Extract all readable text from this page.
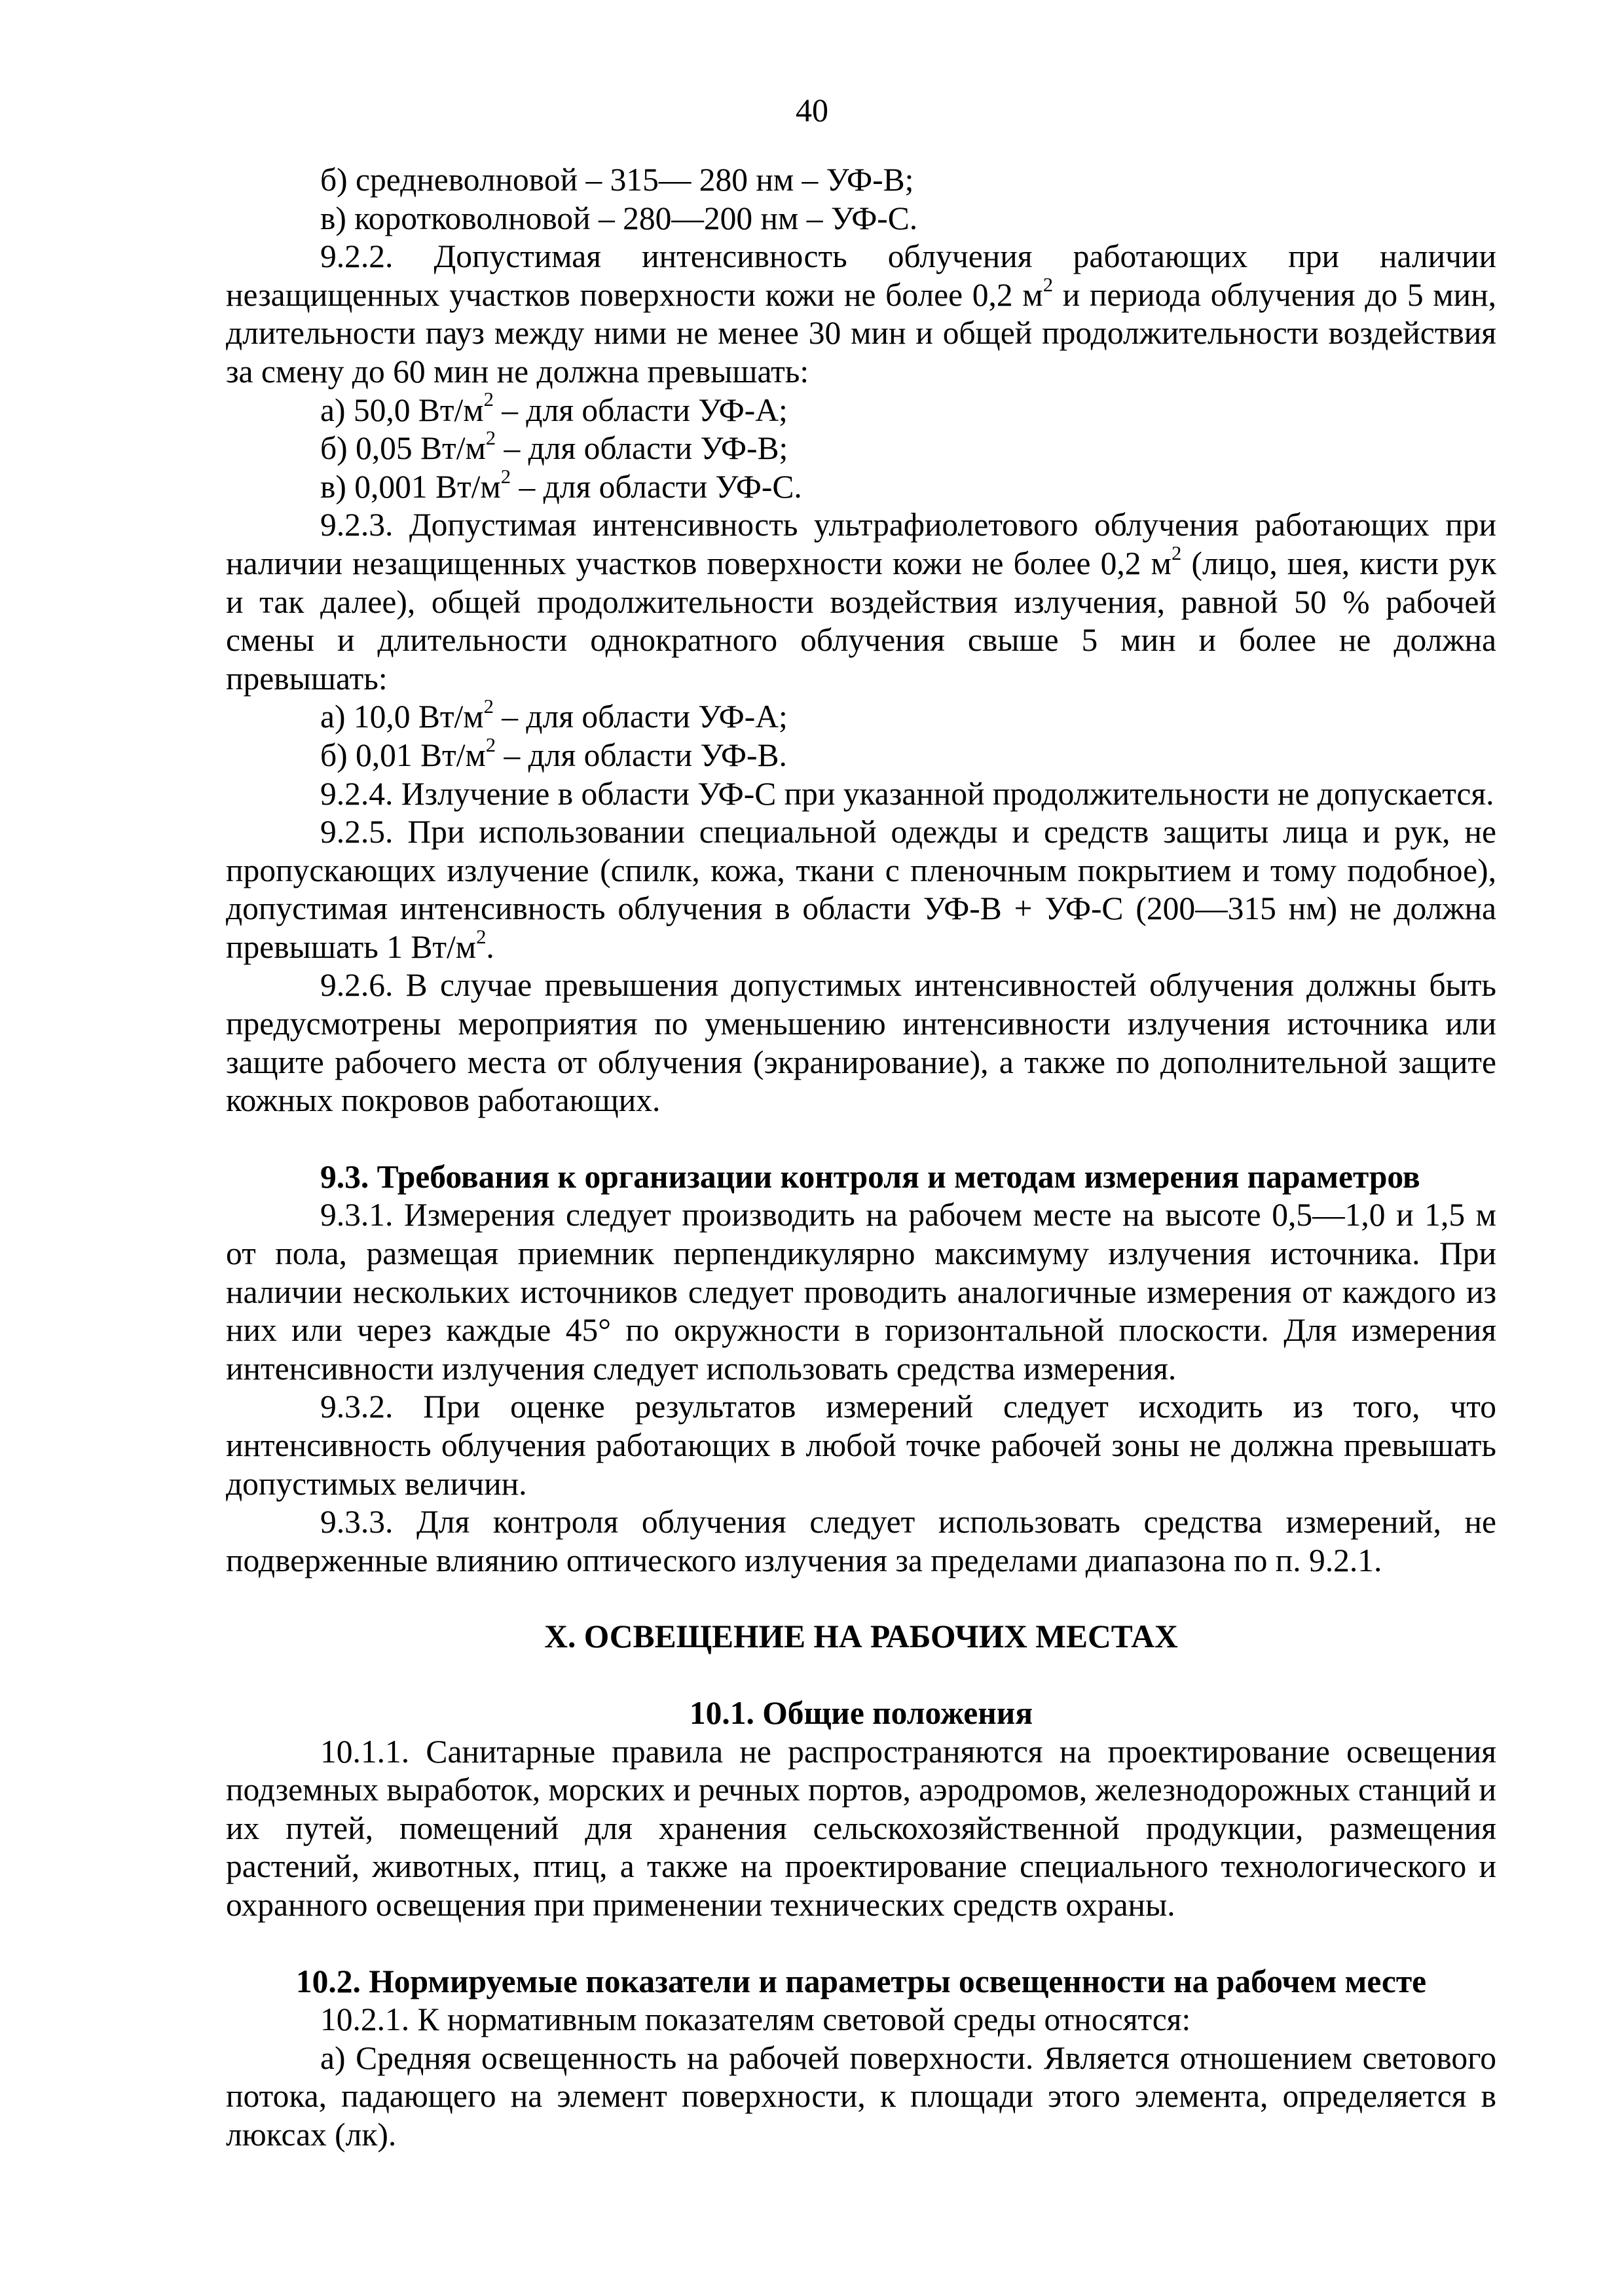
40

б) средневолновой – 315— 280 нм – УФ-В;

в) коротковолновой – 280—200 нм – УФ-С.

9.2.2. Допустимая интенсивность облучения работающих при наличии незащищенных участков поверхности кожи не более 0,2 $м^2$ и периода облучения до 5 мин, длительности пауз между ними не менее 30 мин и общей продолжительности воздействия за смену до 60 мин не должна превышать:

а) 50,0 $Вт/м^2$ – для области УФ-А;

б) 0,05 $Вт/м^2$ – для области УФ-В;

в) 0,001 $Вт/м^2$ – для области УФ-С.

9.2.3. Допустимая интенсивность ультрафиолетового облучения работающих при наличии незащищенных участков поверхности кожи не более 0,2 $м^2$ (лицо, шея, кисти рук и так далее), общей продолжительности воздействия излучения, равной 50 % рабочей смены и длительности однократного облучения свыше 5 мин и более не должна превышать:

а) 10,0 $Вт/м^2$ – для области УФ-А;

б) 0,01 $Вт/м^2$ – для области УФ-В.

9.2.4. Излучение в области УФ-С при указанной продолжительности не допускается.

9.2.5. При использовании специальной одежды и средств защиты лица и рук, не пропускающих излучение (спилк, кожа, ткани с пленочным покрытием и тому подобное), допустимая интенсивность облучения в области УФ-В + УФ-С (200—315 нм) не должна превышать 1 $Вт/м^2$.

9.2.6. В случае превышения допустимых интенсивностей облучения должны быть предусмотрены мероприятия по уменьшению интенсивности излучения источника или защите рабочего места от облучения (экранирование), а также по дополнительной защите кожных покровов работающих.

9.3. Требования к организации контроля и методам измерения параметров

9.3.1. Измерения следует производить на рабочем месте на высоте 0,5—1,0 и 1,5 м от пола, размещая приемник перпендикулярно максимуму излучения источника. При наличии нескольких источников следует проводить аналогичные измерения от каждого из них или через каждые 45° по окружности в горизонтальной плоскости. Для измерения интенсивности излучения следует использовать средства измерения.

9.3.2. При оценке результатов измерений следует исходить из того, что интенсивность облучения работающих в любой точке рабочей зоны не должна превышать допустимых величин.

9.3.3. Для контроля облучения следует использовать средства измерений, не подверженные влиянию оптического излучения за пределами диапазона по п. 9.2.1.

X. ОСВЕЩЕНИЕ НА РАБОЧИХ МЕСТАХ

10.1. Общие положения

10.1.1. Санитарные правила не распространяются на проектирование освещения подземных выработок, морских и речных портов, аэродромов, железнодорожных станций и их путей, помещений для хранения сельскохозяйственной продукции, размещения растений, животных, птиц, а также на проектирование специального технологического и охранного освещения при применении технических средств охраны.

10.2. Нормируемые показатели и параметры освещенности на рабочем месте

10.2.1. К нормативным показателям световой среды относятся:

а) Средняя освещенность на рабочей поверхности. Является отношением светового потока, падающего на элемент поверхности, к площади этого элемента, определяется в люксах (лк).
